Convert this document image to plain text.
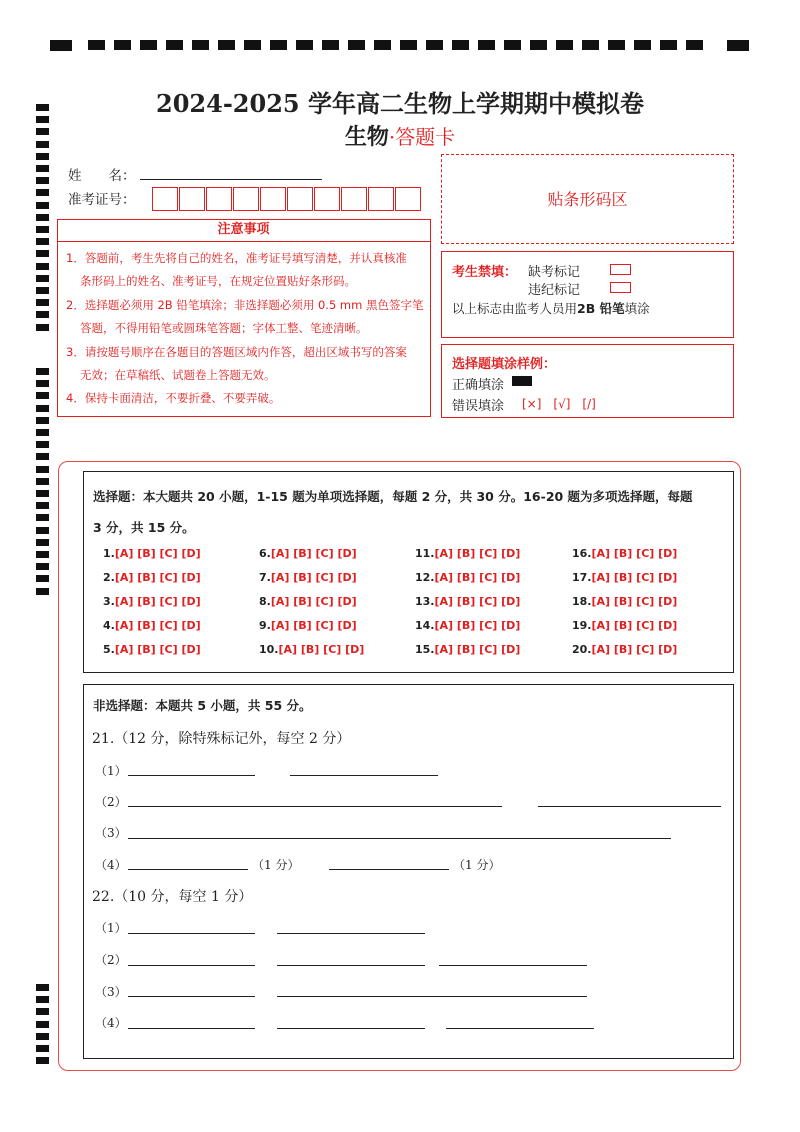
2024-2025 学年高二生物上学期期中模拟卷
生物·答题卡
姓　　名：
准考证号：	贴条形码区
注意事项
1．答题前，考生先将自己的姓名，准考证号填写清楚，并认真核准
条形码上的姓名、准考证号，在规定位置贴好条形码。
2．选择题必须用 2B 铅笔填涂；非选择题必须用 0.5 mm 黑色签字笔
答题，不得用铅笔或圆珠笔答题；字体工整、笔迹清晰。
3．请按题号顺序在各题目的答题区域内作答，超出区域书写的答案
无效；在草稿纸、试题卷上答题无效。
4．保持卡面清洁，不要折叠、不要弄破。
考生禁填： 缺考标记
违纪标记
以上标志由监考人员用2B 铅笔填涂
选择题填涂样例：
正确填涂
错误填涂 [×]　[√]　[/]
选择题：本大题共 20 小题，1-15 题为单项选择题，每题 2 分，共 30 分。16-20 题为多项选择题，每题
3 分，共 15 分。
1.[A] [B] [C] [D]
2.[A] [B] [C] [D]
3.[A] [B] [C] [D]
4.[A] [B] [C] [D]
5.[A] [B] [C] [D]
6.[A] [B] [C] [D]
7.[A] [B] [C] [D]
8.[A] [B] [C] [D]
9.[A] [B] [C] [D]
10.[A] [B] [C] [D]
11.[A] [B] [C] [D]
12.[A] [B] [C] [D]
13.[A] [B] [C] [D]
14.[A] [B] [C] [D]
15.[A] [B] [C] [D]
16.[A] [B] [C] [D]
17.[A] [B] [C] [D]
18.[A] [B] [C] [D]
19.[A] [B] [C] [D]
20.[A] [B] [C] [D]
非选择题：本题共 5 小题，共 55 分。
21.（12 分，除特殊标记外，每空 2 分）
（1）
（2）
（3）
（4）	（1 分）	（1 分）
22.（10 分，每空 1 分）
（1）
（2）
（3）
（4）
